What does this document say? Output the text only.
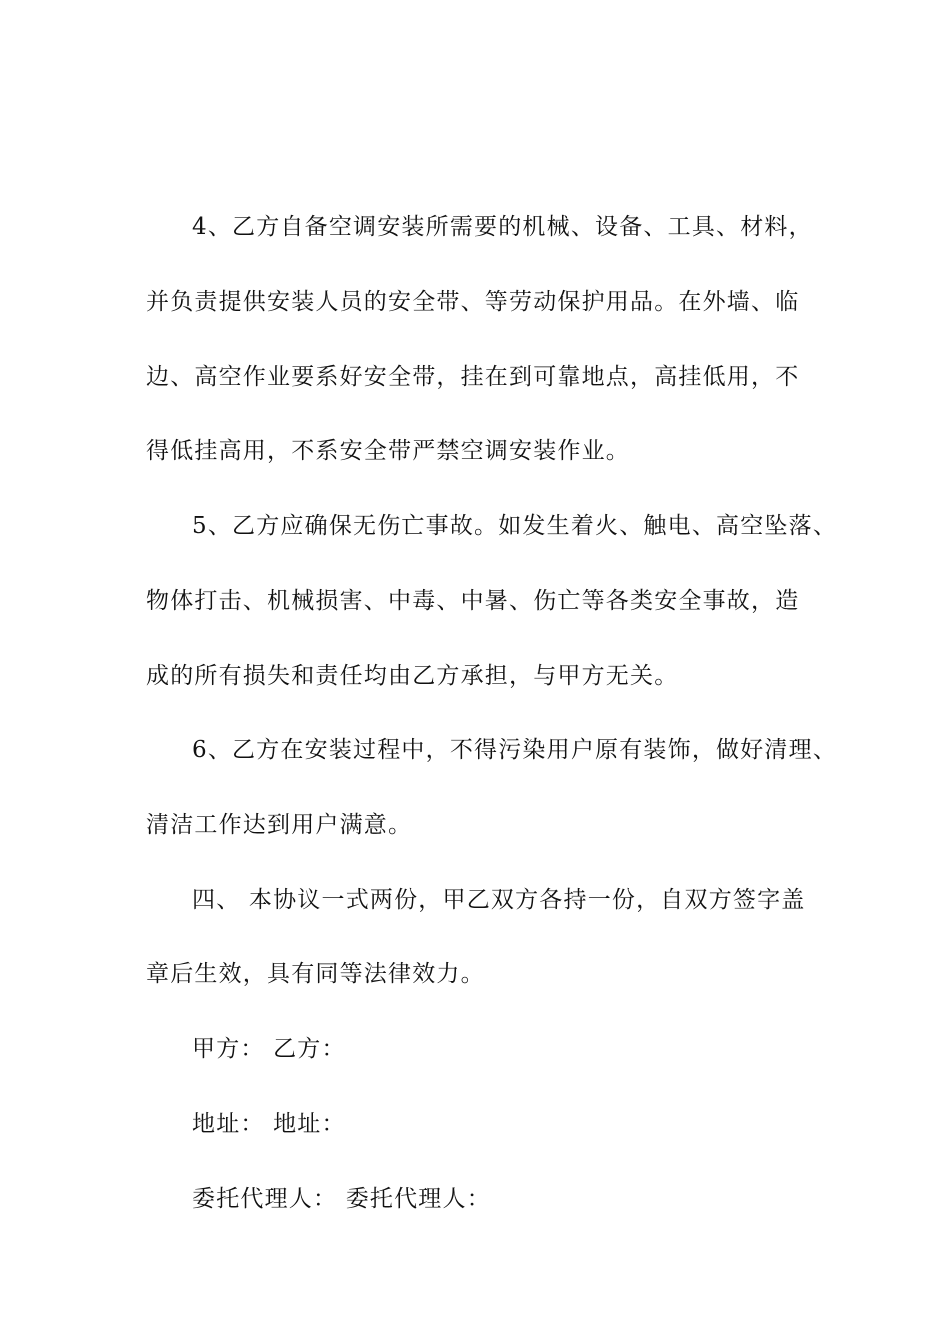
4、乙方自备空调安装所需要的机械、设备、工具、材料，
并负责提供安装人员的安全带、等劳动保护用品。在外墙、临
边、高空作业要系好安全带，挂在到可靠地点，高挂低用，不
得低挂高用，不系安全带严禁空调安装作业。
5、乙方应确保无伤亡事故。如发生着火、触电、高空坠落、
物体打击、机械损害、中毒、中暑、伤亡等各类安全事故，造
成的所有损失和责任均由乙方承担，与甲方无关。
6、乙方在安装过程中，不得污染用户原有装饰，做好清理、
清洁工作达到用户满意。
四、 本协议一式两份，甲乙双方各持一份，自双方签字盖
章后生效，具有同等法律效力。
甲方： 乙方：
地址： 地址：
委托代理人： 委托代理人：
